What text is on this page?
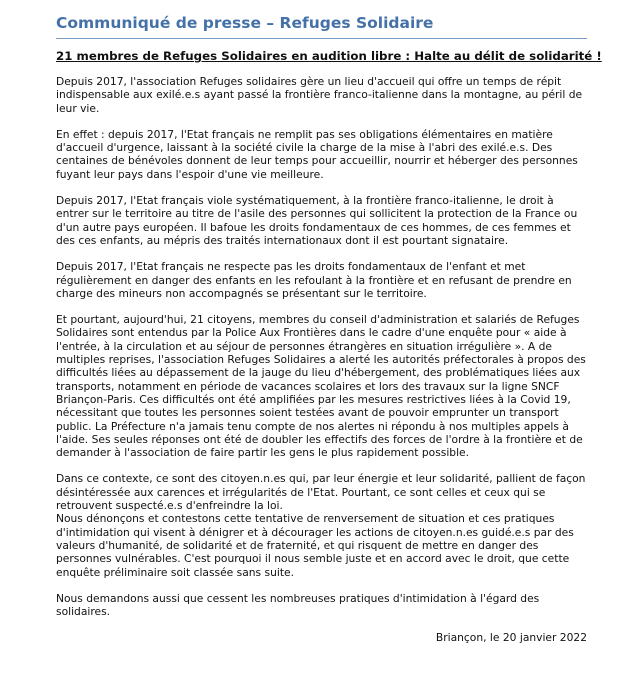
Communiqué de presse – Refuges Solidaire
21 membres de Refuges Solidaires en audition libre : Halte au délit de solidarité !

Depuis 2017, l'association Refuges solidaires gère un lieu d'accueil qui offre un temps de répit indispensable aux exilé.e.s ayant passé la frontière franco-italienne dans la montagne, au péril de leur vie.

En effet : depuis 2017, l'Etat français ne remplit pas ses obligations élémentaires en matière d'accueil d'urgence, laissant à la société civile la charge de la mise à l'abri des exilé.e.s. Des centaines de bénévoles donnent de leur temps pour accueillir, nourrir et héberger des personnes fuyant leur pays dans l'espoir d'une vie meilleure.

Depuis 2017, l'Etat français viole systématiquement, à la frontière franco-italienne, le droit à entrer sur le territoire au titre de l'asile des personnes qui sollicitent la protection de la France ou d'un autre pays européen. Il bafoue les droits fondamentaux de ces hommes, de ces femmes et des ces enfants, au mépris des traités internationaux dont il est pourtant signataire.

Depuis 2017, l'Etat français ne respecte pas les droits fondamentaux de l'enfant et met régulièrement en danger des enfants en les refoulant à la frontière et en refusant de prendre en charge des mineurs non accompagnés se présentant sur le territoire.

Et pourtant, aujourd'hui, 21 citoyens, membres du conseil d'administration et salariés de Refuges Solidaires sont entendus par la Police Aux Frontières dans le cadre d'une enquête pour « aide à l'entrée, à la circulation et au séjour de personnes étrangères en situation irrégulière ». A de multiples reprises, l'association Refuges Solidaires a alerté les autorités préfectorales à propos des difficultés liées au dépassement de la jauge du lieu d'hébergement, des problématiques liées aux transports, notamment en période de vacances scolaires et lors des travaux sur la ligne SNCF Briançon-Paris. Ces difficultés ont été amplifiées par les mesures restrictives liées à la Covid 19, nécessitant que toutes les personnes soient testées avant de pouvoir emprunter un transport public. La Préfecture n'a jamais tenu compte de nos alertes ni répondu à nos multiples appels à l'aide. Ses seules réponses ont été de doubler les effectifs des forces de l'ordre à la frontière et de demander à l'association de faire partir les gens le plus rapidement possible.

Dans ce contexte, ce sont des citoyen.n.es qui, par leur énergie et leur solidarité, pallient de façon désintéressée aux carences et irrégularités de l'Etat. Pourtant, ce sont celles et ceux qui se retrouvent suspecté.e.s d'enfreindre la loi.

Nous dénonçons et contestons cette tentative de renversement de situation et ces pratiques d'intimidation qui visent à dénigrer et à décourager les actions de citoyen.n.es guidé.e.s par des valeurs d'humanité, de solidarité et de fraternité, et qui risquent de mettre en danger des personnes vulnérables. C'est pourquoi il nous semble juste et en accord avec le droit, que cette enquête préliminaire soit classée sans suite.

Nous demandons aussi que cessent les nombreuses pratiques d'intimidation à l'égard des solidaires.

Briançon, le 20 janvier 2022
